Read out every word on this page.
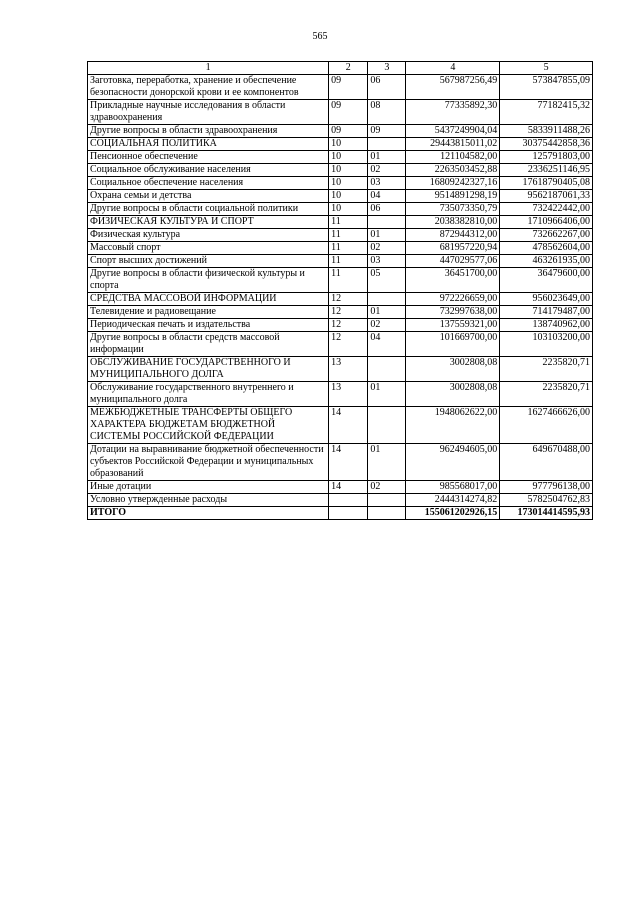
565
1	2	3	4	5
Заготовка, переработка, хранение и обеспечение безопасности донорской крови и ее компонентов	09	06	567987256,49	573847855,09
Прикладные научные исследования в области здравоохранения	09	08	77335892,30	77182415,32
Другие вопросы в области здравоохранения	09	09	5437249904,04	5833911488,26
СОЦИАЛЬНАЯ ПОЛИТИКА	10		29443815011,02	30375442858,36
Пенсионное обеспечение	10	01	121104582,00	125791803,00
Социальное обслуживание населения	10	02	2263503452,88	2336251146,95
Социальное обеспечение населения	10	03	16809242327,16	17618790405,08
Охрана семьи и детства	10	04	9514891298,19	9562187061,33
Другие вопросы в области социальной политики	10	06	735073350,79	732422442,00
ФИЗИЧЕСКАЯ КУЛЬТУРА И СПОРТ	11		2038382810,00	1710966406,00
Физическая культура	11	01	872944312,00	732662267,00
Массовый спорт	11	02	681957220,94	478562604,00
Спорт высших достижений	11	03	447029577,06	463261935,00
Другие вопросы в области физической культуры и спорта	11	05	36451700,00	36479600,00
СРЕДСТВА МАССОВОЙ ИНФОРМАЦИИ	12		972226659,00	956023649,00
Телевидение и радиовещание	12	01	732997638,00	714179487,00
Периодическая печать и издательства	12	02	137559321,00	138740962,00
Другие вопросы в области средств массовой информации	12	04	101669700,00	103103200,00
ОБСЛУЖИВАНИЕ ГОСУДАРСТВЕННОГО И МУНИЦИПАЛЬНОГО ДОЛГА	13		3002808,08	2235820,71
Обслуживание государственного внутреннего и муниципального долга	13	01	3002808,08	2235820,71
МЕЖБЮДЖЕТНЫЕ ТРАНСФЕРТЫ ОБЩЕГО ХАРАКТЕРА БЮДЖЕТАМ БЮДЖЕТНОЙ СИСТЕМЫ РОССИЙСКОЙ ФЕДЕРАЦИИ	14		1948062622,00	1627466626,00
Дотации на выравнивание бюджетной обеспеченности субъектов Российской Федерации и муниципальных образований	14	01	962494605,00	649670488,00
Иные дотации	14	02	985568017,00	977796138,00
Условно утвержденные расходы			2444314274,82	5782504762,83
ИТОГО			155061202926,15	173014414595,93
